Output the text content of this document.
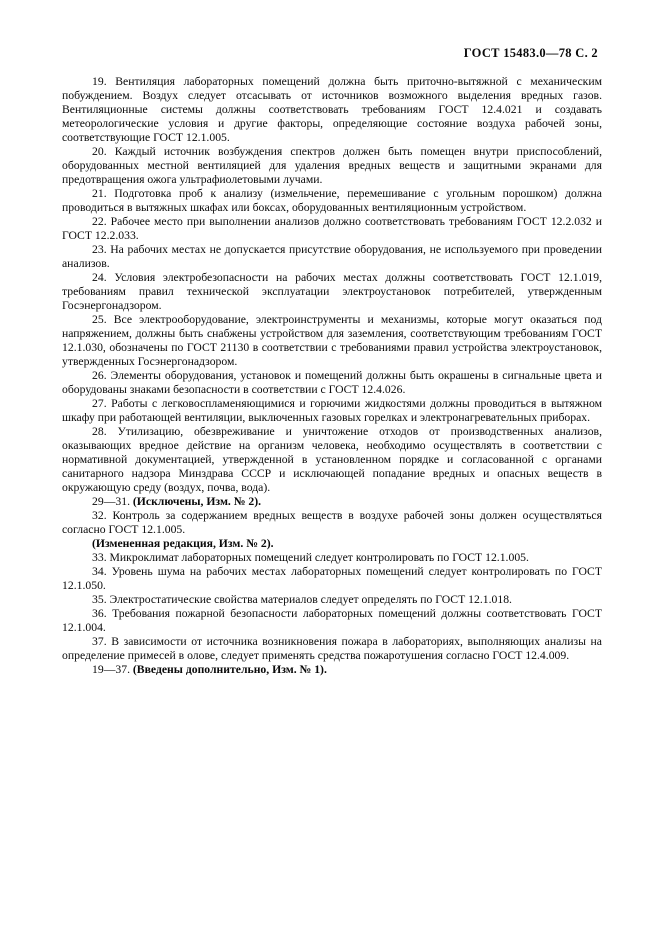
ГОСТ 15483.0—78 С. 2

19. Вентиляция лабораторных помещений должна быть приточно-вытяжной с механическим побуждением. Воздух следует отсасывать от источников возможного выделения вредных газов. Вентиляционные системы должны соответствовать требованиям ГОСТ 12.4.021 и создавать метеорологические условия и другие факторы, определяющие состояние воздуха рабочей зоны, соответствующие ГОСТ 12.1.005.

20. Каждый источник возбуждения спектров должен быть помещен внутри приспособлений, оборудованных местной вентиляцией для удаления вредных веществ и защитными экранами для предотвращения ожога ультрафиолетовыми лучами.

21. Подготовка проб к анализу (измельчение, перемешивание с угольным порошком) должна проводиться в вытяжных шкафах или боксах, оборудованных вентиляционным устройством.

22. Рабочее место при выполнении анализов должно соответствовать требованиям ГОСТ 12.2.032 и ГОСТ 12.2.033.

23. На рабочих местах не допускается присутствие оборудования, не используемого при проведении анализов.

24. Условия электробезопасности на рабочих местах должны соответствовать ГОСТ 12.1.019, требованиям правил технической эксплуатации электроустановок потребителей, утвержденным Госэнергонадзором.

25. Все электрооборудование, электроинструменты и механизмы, которые могут оказаться под напряжением, должны быть снабжены устройством для заземления, соответствующим требованиям ГОСТ 12.1.030, обозначены по ГОСТ 21130 в соответствии с требованиями правил устройства электроустановок, утвержденных Госэнергонадзором.

26. Элементы оборудования, установок и помещений должны быть окрашены в сигнальные цвета и оборудованы знаками безопасности в соответствии с ГОСТ 12.4.026.

27. Работы с легковоспламеняющимися и горючими жидкостями должны проводиться в вытяжном шкафу при работающей вентиляции, выключенных газовых горелках и электронагревательных приборах.

28. Утилизацию, обезвреживание и уничтожение отходов от производственных анализов, оказывающих вредное действие на организм человека, необходимо осуществлять в соответствии с нормативной документацией, утвержденной в установленном порядке и согласованной с органами санитарного надзора Минздрава СССР и исключающей попадание вредных и опасных веществ в окружающую среду (воздух, почва, вода).

29—31. (Исключены, Изм. № 2).

32. Контроль за содержанием вредных веществ в воздухе рабочей зоны должен осуществляться согласно ГОСТ 12.1.005.

(Измененная редакция, Изм. № 2).

33. Микроклимат лабораторных помещений следует контролировать по ГОСТ 12.1.005.

34. Уровень шума на рабочих местах лабораторных помещений следует контролировать по ГОСТ 12.1.050.

35. Электростатические свойства материалов следует определять по ГОСТ 12.1.018.

36. Требования пожарной безопасности лабораторных помещений должны соответствовать ГОСТ 12.1.004.

37. В зависимости от источника возникновения пожара в лабораториях, выполняющих анализы на определение примесей в олове, следует применять средства пожаротушения согласно ГОСТ 12.4.009.

19—37. (Введены дополнительно, Изм. № 1).
